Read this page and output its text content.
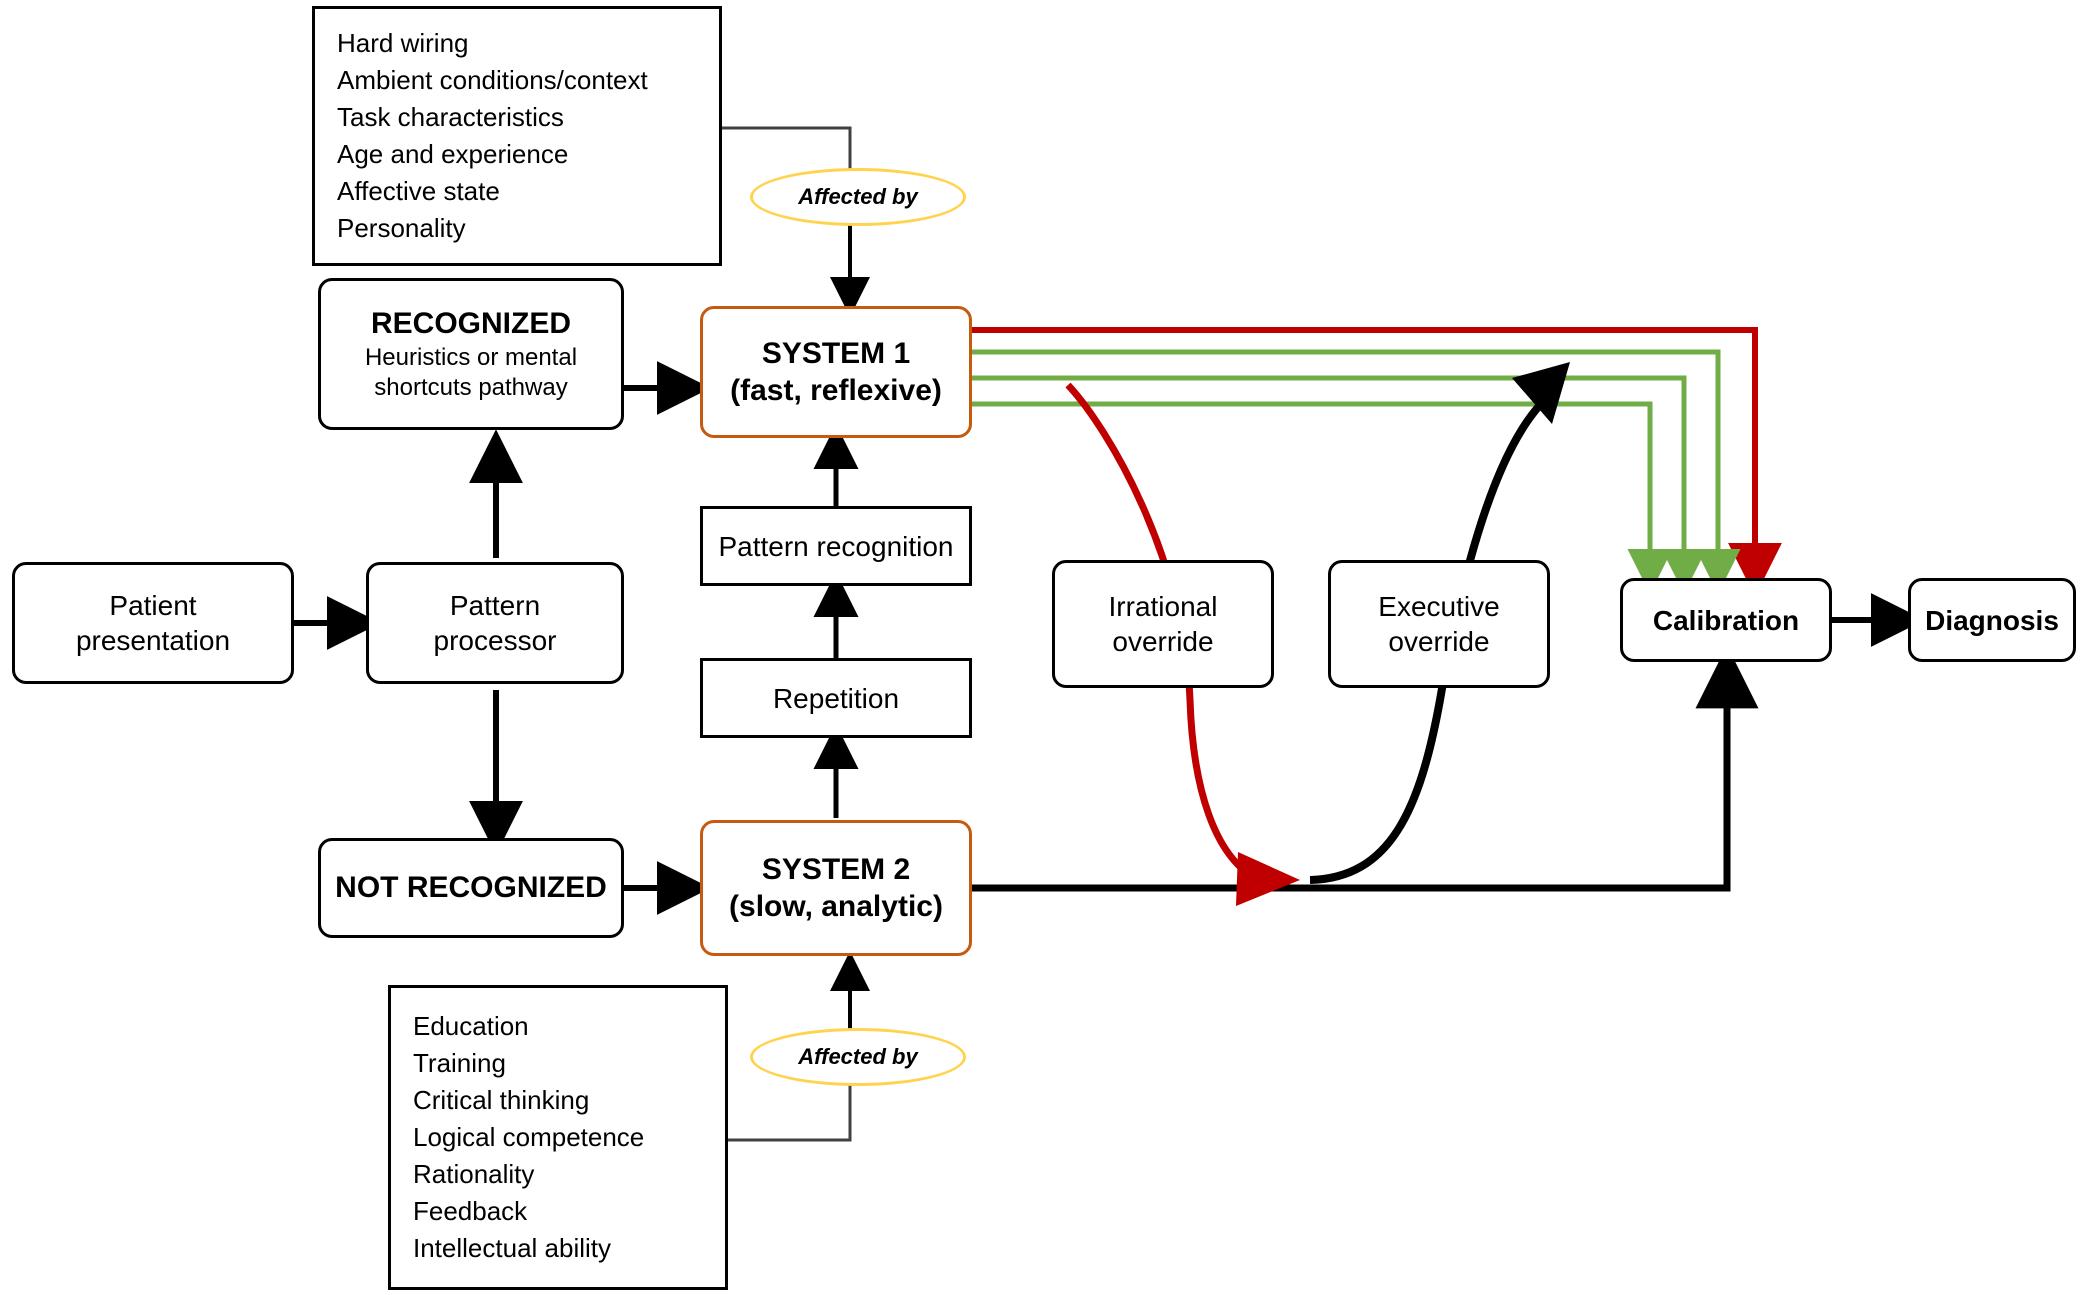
Hard wiring
Ambient conditions/context
Task characteristics
Age and experience
Affective state
Personality
Education
Training
Critical thinking
Logical competence
Rationality
Feedback
Intellectual ability
Affected by
Affected by
Patient
presentation
Pattern
processor
RECOGNIZED
Heuristics or mental
shortcuts pathway
NOT RECOGNIZED
SYSTEM 1
(fast, reflexive)
SYSTEM 2
(slow, analytic)
Pattern recognition
Repetition
Irrational
override
Executive
override
Calibration	Diagnosis
